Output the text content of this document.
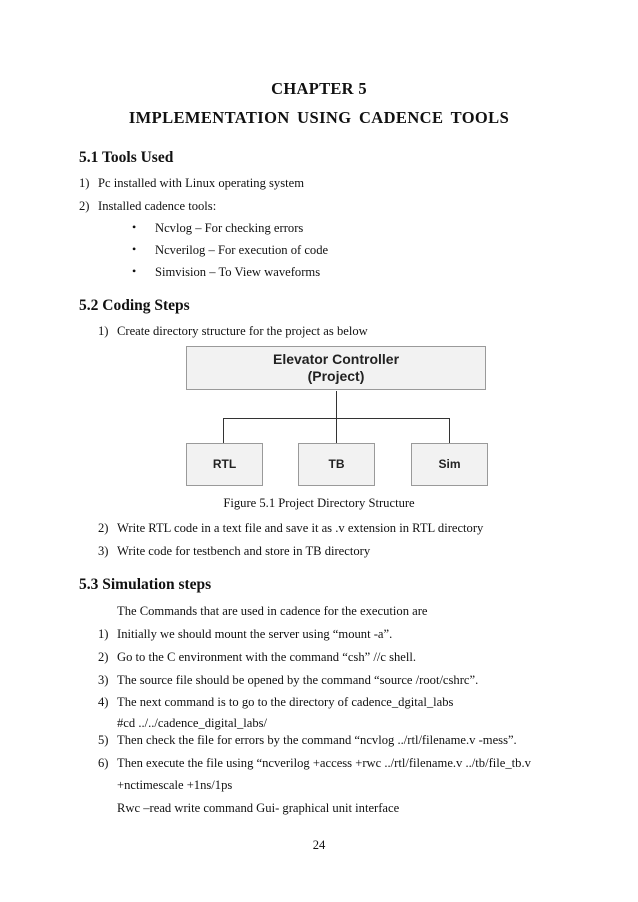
CHAPTER 5
IMPLEMENTATION USING CADENCE TOOLS
5.1 Tools Used
1) Pc installed with Linux operating system
2) Installed cadence tools:
• Ncvlog – For checking errors
• Ncverilog – For execution of code
• Simvision – To View waveforms
5.2 Coding Steps
1) Create directory structure for the project as below
Elevator Controller
(Project)
RTL	TB	Sim
Figure 5.1 Project Directory Structure
2) Write RTL code in a text file and save it as .v extension in RTL directory
3) Write code for testbench and store in TB directory
5.3 Simulation steps
The Commands that are used in cadence for the execution are
1) Initially we should mount the server using “mount -a”.
2) Go to the C environment with the command “csh” //c shell.
3) The source file should be opened by the command “source /root/cshrc”.
4) The next command is to go to the directory of cadence_dgital_labs
#cd ../../cadence_digital_labs/
5) Then check the file for errors by the command “ncvlog ../rtl/filename.v -mess”.
6) Then execute the file using “ncverilog +access +rwc ../rtl/filename.v ../tb/file_tb.v
+nctimescale +1ns/1ps
Rwc –read write command Gui- graphical unit interface
24
